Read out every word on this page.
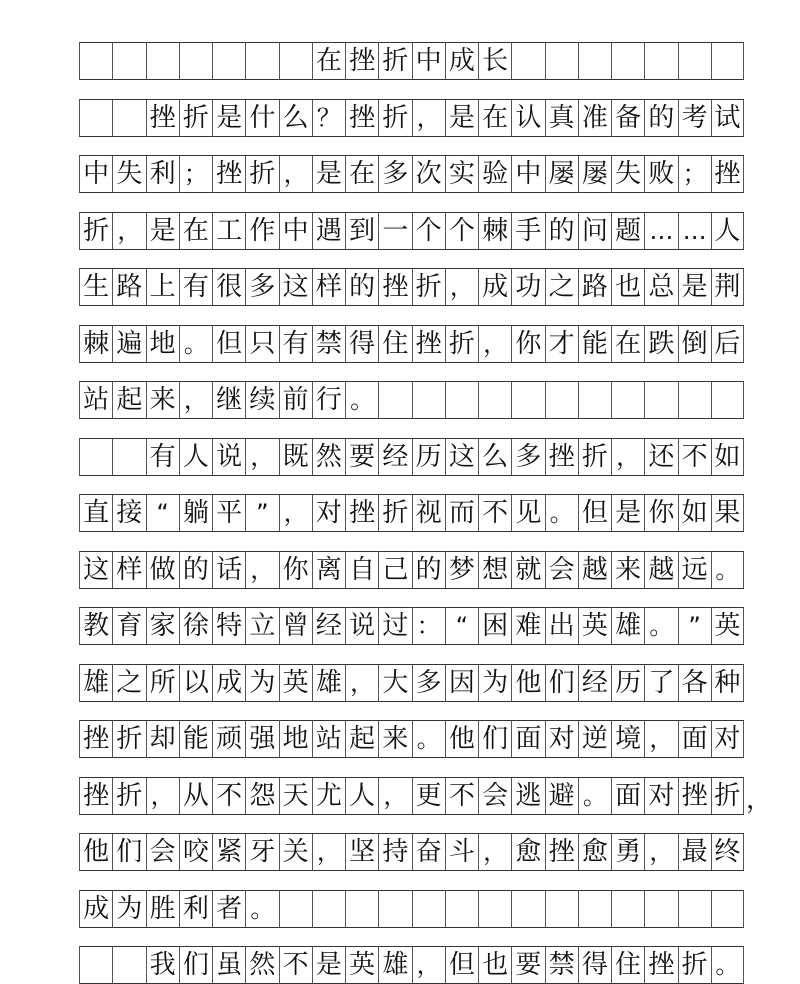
在 挫 折 中 成 长
挫 折 是 什 么 ？ 挫 折 ， 是 在 认 真 准 备 的 考 试
中 失 利 ； 挫 折 ， 是 在 多 次 实 验 中 屡 屡 失 败 ； 挫
折 ， 是 在 工 作 中 遇 到 一 个 个 棘 手 的 问 题 … … 人
生 路 上 有 很 多 这 样 的 挫 折 ， 成 功 之 路 也 总 是 荆
棘 遍 地 。 但 只 有 禁 得 住 挫 折 ， 你 才 能 在 跌 倒 后
站 起 来 ， 继 续 前 行 。
有 人 说 ， 既 然 要 经 历 这 么 多 挫 折 ， 还 不 如
直 接 “ 躺 平 ” ， 对 挫 折 视 而 不 见 。 但 是 你 如 果
这 样 做 的 话 ， 你 离 自 己 的 梦 想 就 会 越 来 越 远 。
教 育 家 徐 特 立 曾 经 说 过 ： “ 困 难 出 英 雄 。 ” 英
雄 之 所 以 成 为 英 雄 ， 大 多 因 为 他 们 经 历 了 各 种
挫 折 却 能 顽 强 地 站 起 来 。 他 们 面 对 逆 境 ， 面 对
挫 折 ， 从 不 怨 天 尤 人 ， 更 不 会 逃 避 。 面 对 挫 折
他 们 会 咬 紧 牙 关 ， 坚 持 奋 斗 ， 愈 挫 愈 勇 ， 最 终
成 为 胜 利 者 。
我 们 虽 然 不 是 英 雄 ， 但 也 要 禁 得 住 挫 折 。
，
